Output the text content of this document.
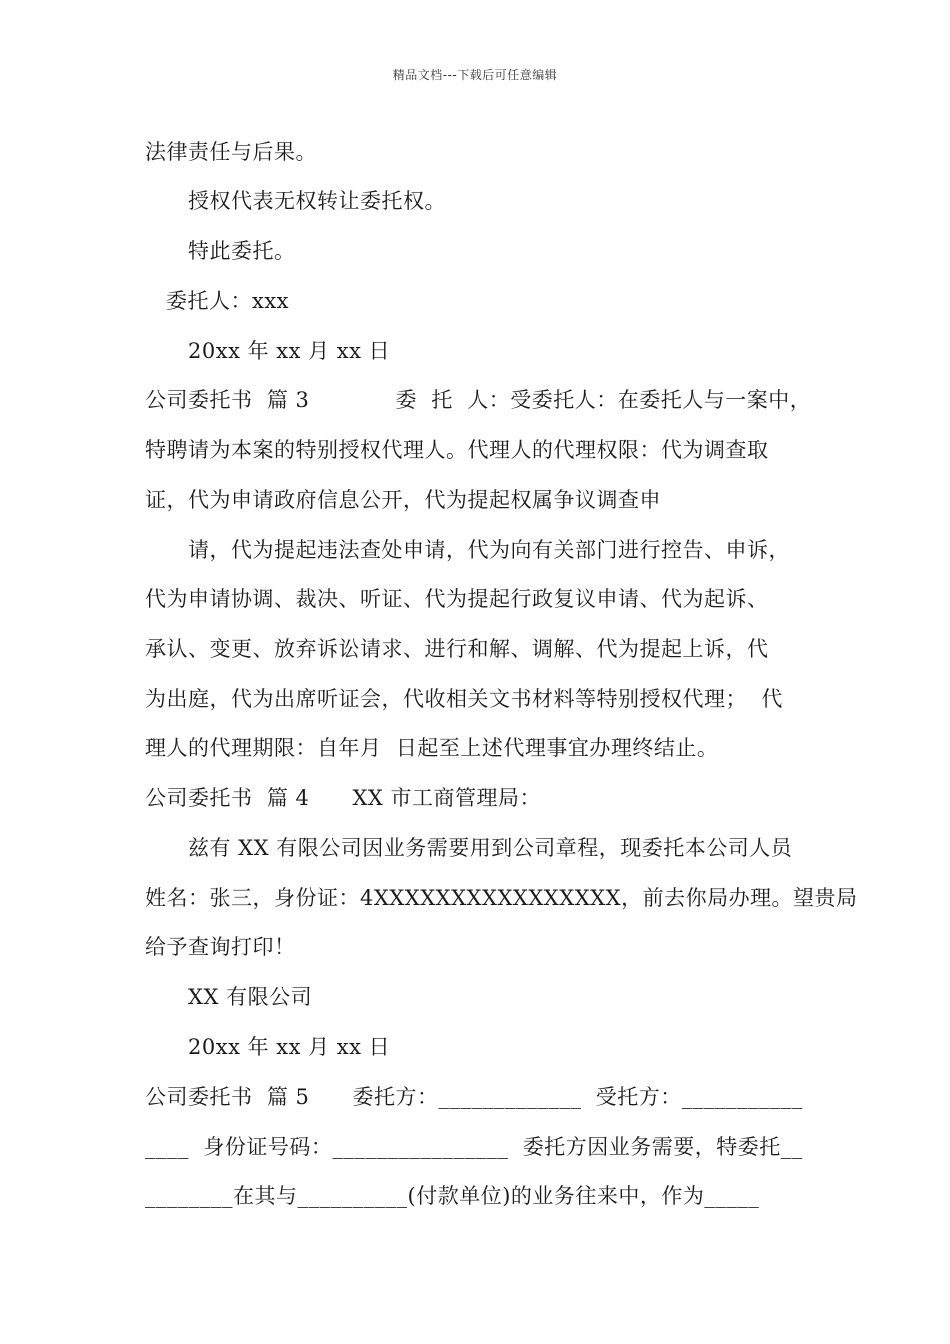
精品文档---下载后可任意编辑
法律责任与后果。
授权代表无权转让委托权。
特此委托。
委托人：xxx
20xx 年 xx 月 xx 日
公司委托书  篇 3            委  托  人：受委托人：在委托人与一案中，
特聘请为本案的特别授权代理人。代理人的代理权限：代为调查取
证，代为申请政府信息公开，代为提起权属争议调查申
请，代为提起违法查处申请，代为向有关部门进行控告、申诉，
代为申请协调、裁决、听证、代为提起行政复议申请、代为起诉、
承认、变更、放弃诉讼请求、进行和解、调解、代为提起上诉，代
为出庭，代为出席听证会，代收相关文书材料等特别授权代理；  代
理人的代理期限：自年月  日起至上述代理事宜办理终结止。
公司委托书  篇 4      XX 市工商管理局：
兹有 XX 有限公司因业务需要用到公司章程，现委托本公司人员
姓名：张三，身份证：4XXXXXXXXXXXXXXXX，前去你局办理。望贵局
给予查询打印！
XX 有限公司
20xx 年 xx 月 xx 日
公司委托书  篇 5      委托方：_____________  受托方：___________
____  身份证号码：________________  委托方因业务需要，特委托__
________在其与__________(付款单位)的业务往来中，作为_____
